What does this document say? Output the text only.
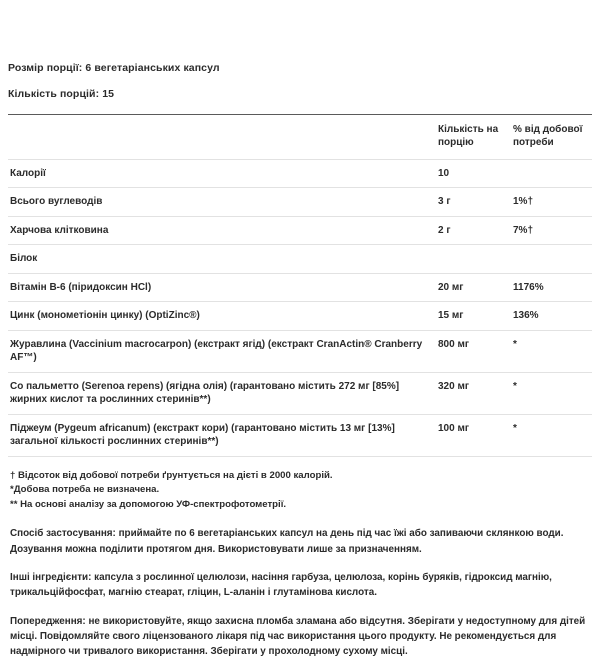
Розмір порції: 6 вегетаріанських капсул

Кількість порцій: 15

	Кількість на порцію	% від добової потреби
Калорії	10	
Всього вуглеводів	3 г	1%†
Харчова клітковина	2 г	7%†
Білок		
Вітамін B-6 (піридоксин HCl)	20 мг	1176%
Цинк (монометіонін цинку) (OptiZinc®)	15 мг	136%
Журавлина (Vaccinium macrocarpon) (екстракт ягід) (екстракт CranActin® Cranberry AF™)	800 мг	*
Со пальметто (Serenoa repens) (ягідна олія) (гарантовано містить 272 мг [85%] жирних кислот та рослинних стеринів**)	320 мг	*
Піджеум (Pygeum africanum) (екстракт кори) (гарантовано містить 13 мг [13%] загальної кількості рослинних стеринів**)	100 мг	*

† Відсоток від добової потреби ґрунтується на дієті в 2000 калорій.

*Добова потреба не визначена.

** На основі аналізу за допомогою УФ-спектрофотометрії.

Спосіб застосування: приймайте по 6 вегетаріанських капсул на день під час їжі або запиваючи склянкою води. Дозування можна поділити протягом дня. Використовувати лише за призначенням.

Інші інгредієнти: капсула з рослинної целюлози, насіння гарбуза, целюлоза, корінь буряків, гідроксид магнію, трикальційфосфат, магнію стеарат, гліцин, L-аланін і глутамінова кислота.

Попередження: не використовуйте, якщо захисна пломба зламана або відсутня. Зберігати у недоступному для дітей місці. Повідомляйте свого ліцензованого лікаря під час використання цього продукту. Не рекомендується для надмірного чи тривалого використання. Зберігати у прохолодному сухому місці.
